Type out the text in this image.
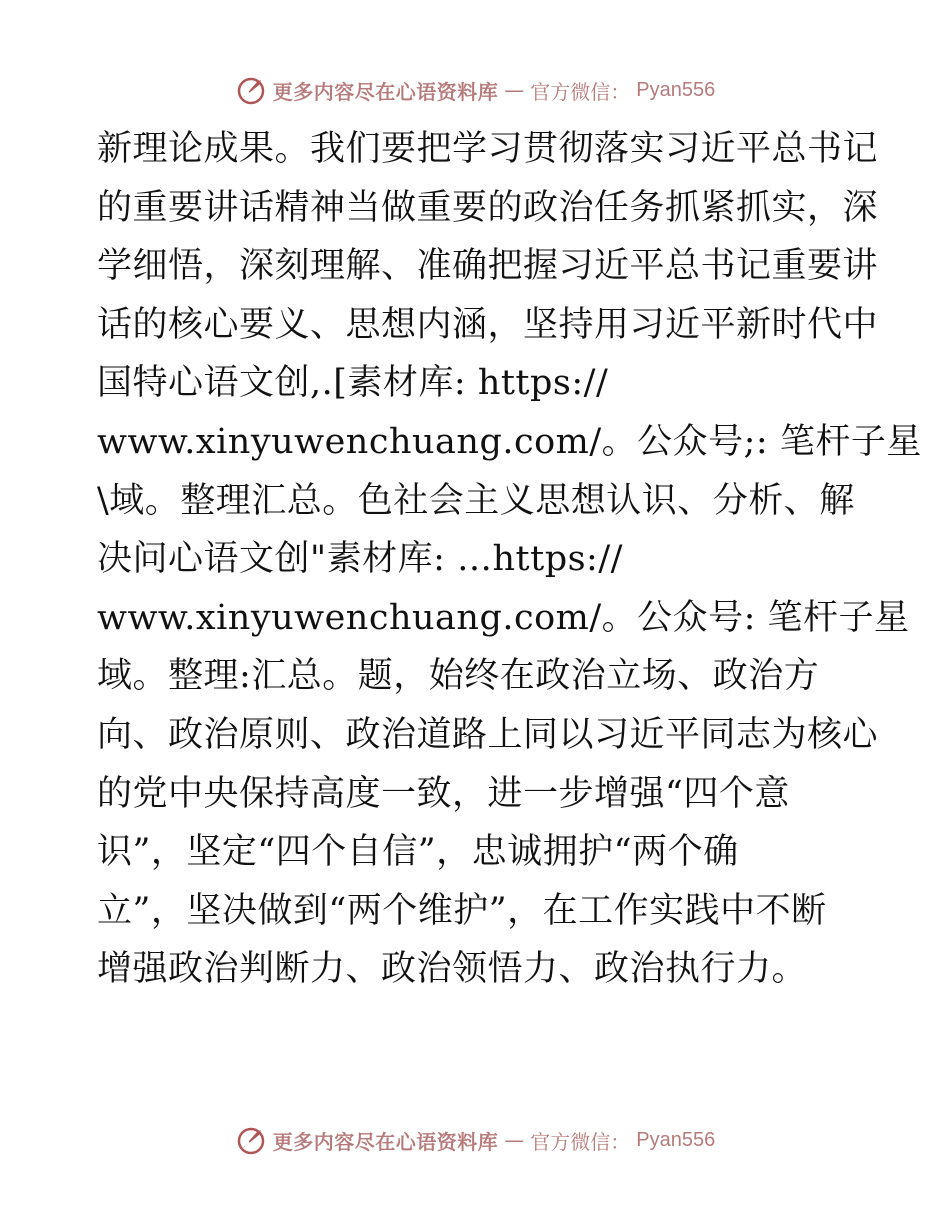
更多内容尽在心语资料库 — 官方微信： Pyan556
新理论成果。我们要把学习贯彻落实习近平总书记
的重要讲话精神当做重要的政治任务抓紧抓实，深
学细悟，深刻理解、准确把握习近平总书记重要讲
话的核心要义、思想内涵，坚持用习近平新时代中
国特心语文创,.[素材库: https://
www.xinyuwenchuang.com/。公众号;: 笔杆子星
\域。整理汇总。色社会主义思想认识、分析、解
决问心语文创"素材库: …https://
www.xinyuwenchuang.com/。公众号: 笔杆子星
域。整理:汇总。题，始终在政治立场、政治方
向、政治原则、政治道路上同以习近平同志为核心
的党中央保持高度一致，进一步增强“四个意
识”，坚定“四个自信”，忠诚拥护“两个确
立”，坚决做到“两个维护”，在工作实践中不断
增强政治判断力、政治领悟力、政治执行力。
更多内容尽在心语资料库 — 官方微信： Pyan556
